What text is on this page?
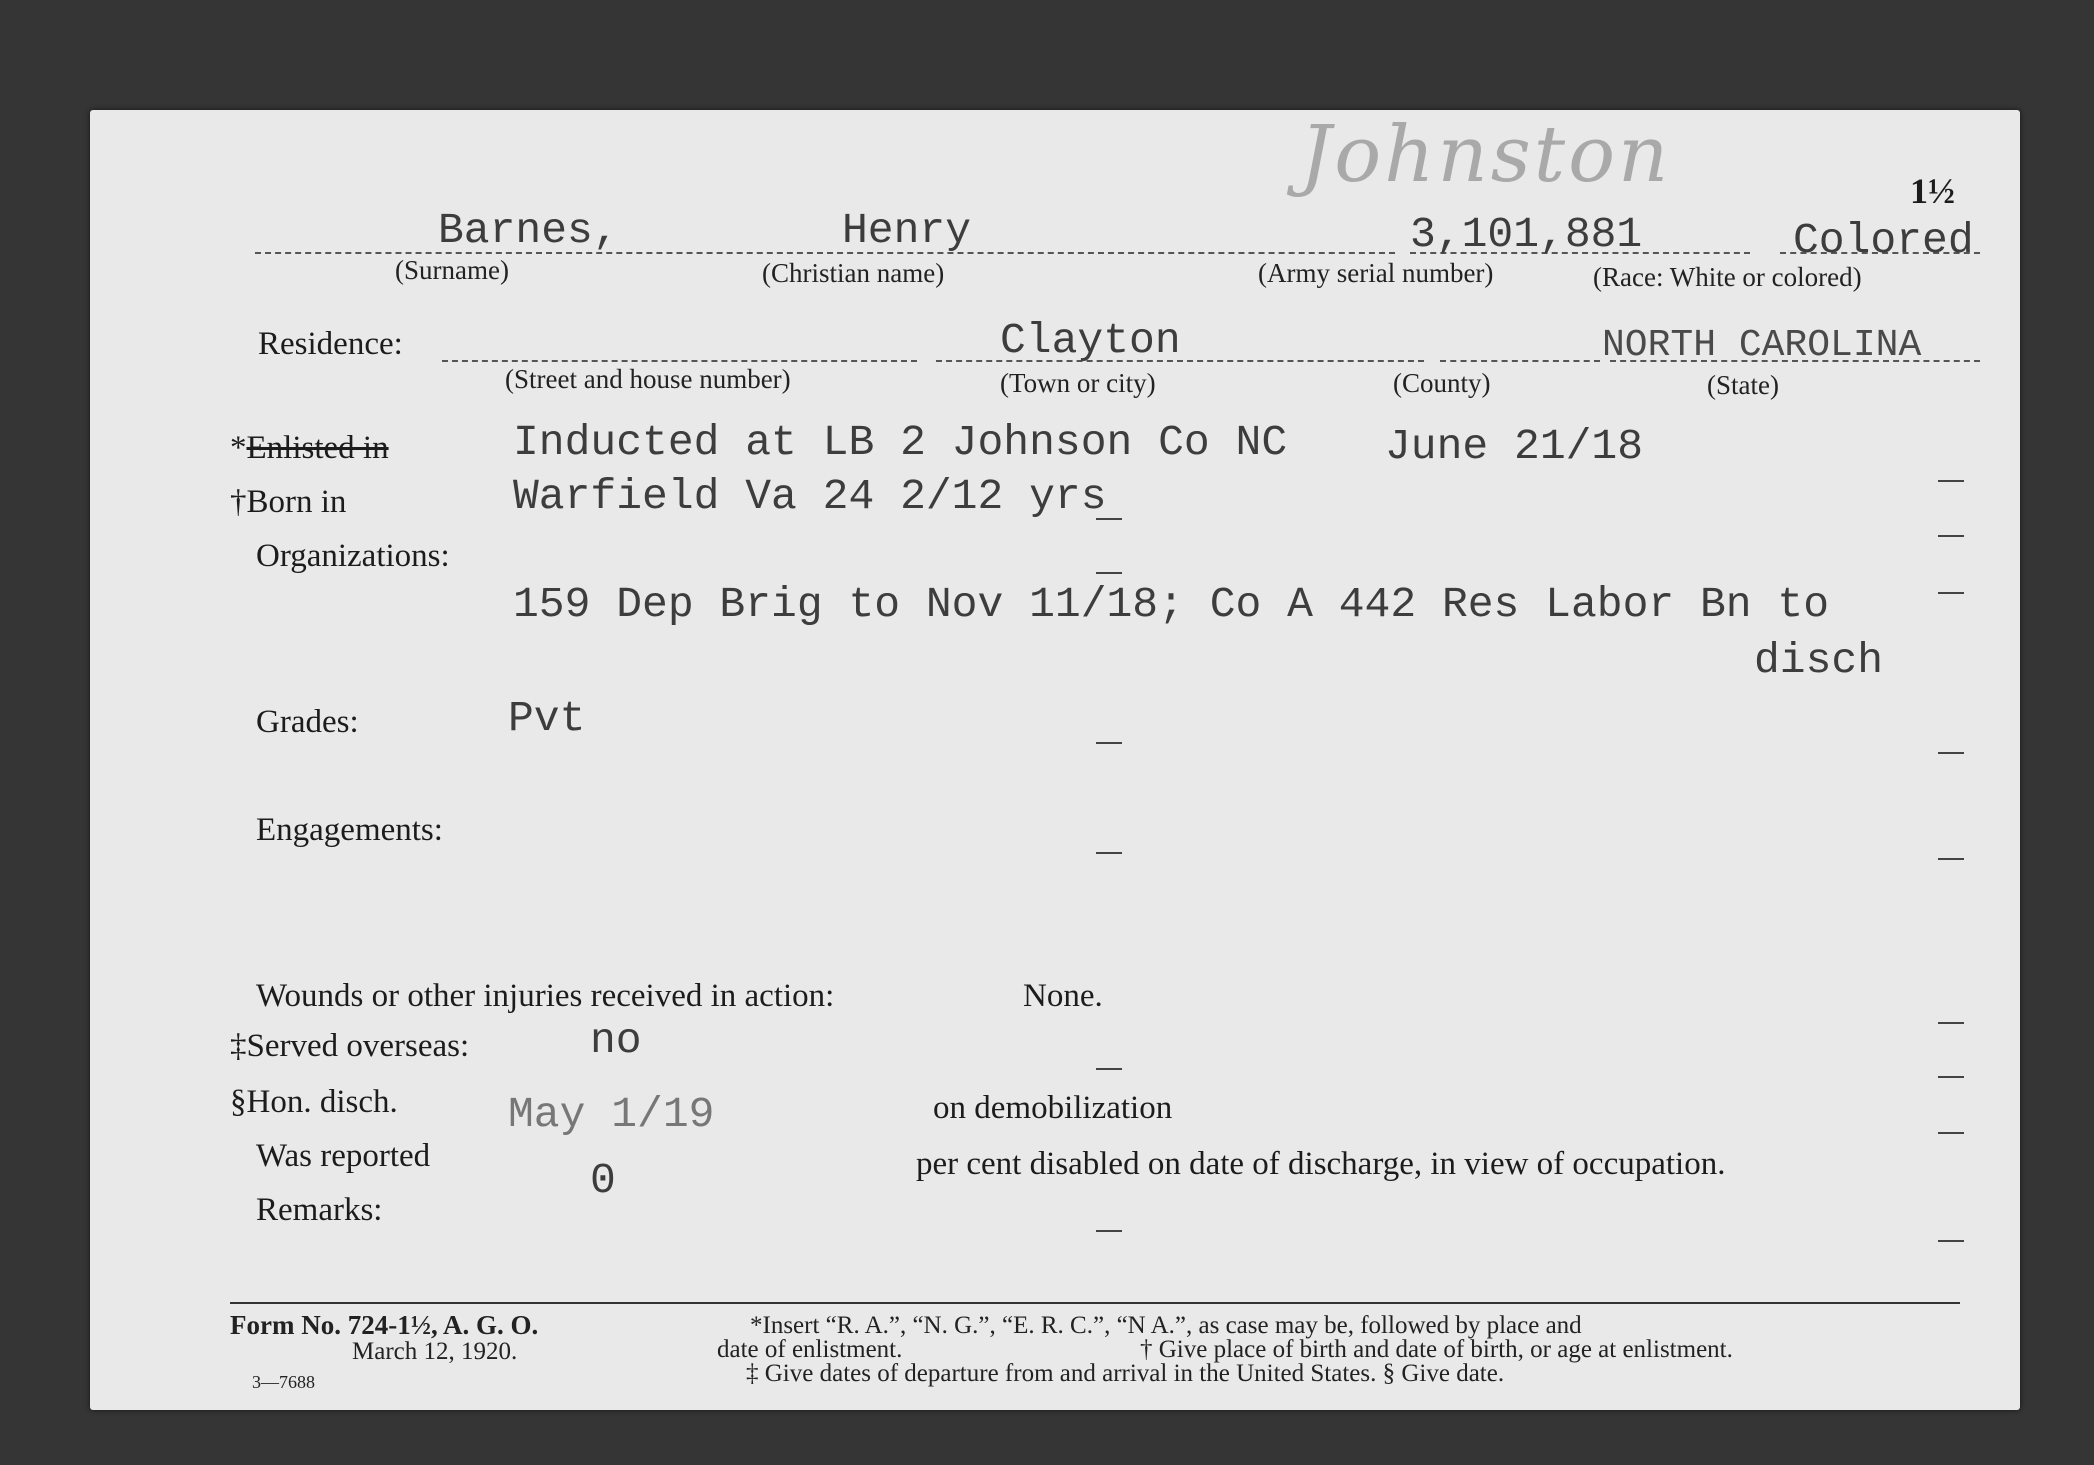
Johnston	1½
Barnes,
(Surname)
Henry
(Christian name)
3,101,881
(Army serial number)
Colored
(Race: White or colored)
Residence:
(Street and house number)
Clayton
(Town or city)	(County)
NORTH CAROLINA
(State)
*Enlisted in	Inducted at LB 2 Johnson Co NC June 21/18
†Born in	Warfield Va 24 2/12 yrs
Organizations:
159 Dep Brig to Nov 11/18; Co A 442 Res Labor Bn to
disch
Grades:	Pvt
Engagements:
Wounds or other injuries received in action:	None.
‡Served overseas:	no
§Hon. disch.	May 1/19	on demobilization
Was reported	0	per cent disabled on date of discharge, in view of occupation.
Remarks:
Form No. 724-1½, A. G. O.
March 12, 1920.
3—7688
*Insert “R. A.”, “N. G.”, “E. R. C.”, “N A.”, as case may be, followed by place and
date of enlistment.	† Give place of birth and date of birth, or age at enlistment.
‡ Give dates of departure from and arrival in the United States. § Give date.
